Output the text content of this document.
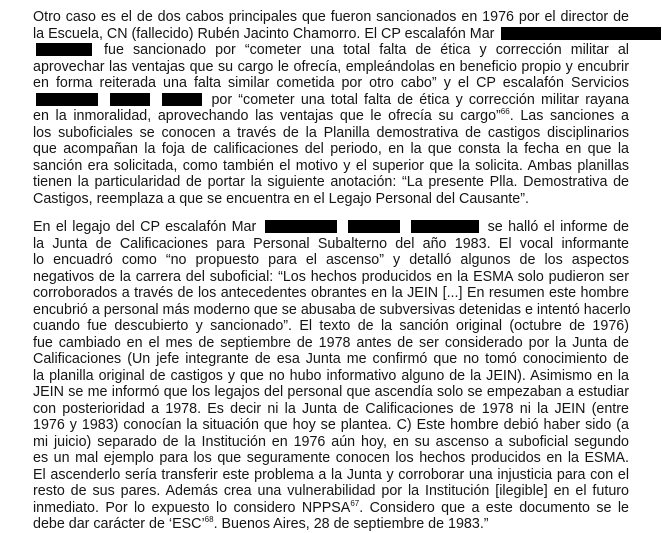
Otro caso es el de dos cabos principales que fueron sancionados en 1976 por el director de
la Escuela, CN (fallecido) Rubén Jacinto Chamorro. El CP escalafón Mar
fue sancionado por “cometer una total falta de ética y corrección militar al
aprovechar las ventajas que su cargo le ofrecía, empleándolas en beneficio propio y encubrir
en forma reiterada una falta similar cometida por otro cabo” y el CP escalafón Servicios
por “cometer una total falta de ética y corrección militar rayana
en la inmoralidad, aprovechando las ventajas que le ofrecía su cargo”$^{66}$. Las sanciones a
los suboficiales se conocen a través de la Planilla demostrativa de castigos disciplinarios
que acompañan la foja de calificaciones del periodo, en la que consta la fecha en que la
sanción era solicitada, como también el motivo y el superior que la solicita. Ambas planillas
tienen la particularidad de portar la siguiente anotación: “La presente Plla. Demostrativa de
Castigos, reemplaza a que se encuentra en el Legajo Personal del Causante”.
En el legajo del CP escalafón Mar	se halló el informe de
la Junta de Calificaciones para Personal Subalterno del año 1983. El vocal informante
lo encuadró como “no propuesto para el ascenso” y detalló algunos de los aspectos
negativos de la carrera del suboficial: “Los hechos producidos en la ESMA solo pudieron ser
corroborados a través de los antecedentes obrantes en la JEIN [...] En resumen este hombre
encubrió a personal más moderno que se abusaba de subversivas detenidas e intentó hacerlo
cuando fue descubierto y sancionado”. El texto de la sanción original (octubre de 1976)
fue cambiado en el mes de septiembre de 1978 antes de ser considerado por la Junta de
Calificaciones (Un jefe integrante de esa Junta me confirmó que no tomó conocimiento de
la planilla original de castigos y que no hubo informativo alguno de la JEIN). Asimismo en la
JEIN se me informó que los legajos del personal que ascendía solo se empezaban a estudiar
con posterioridad a 1978. Es decir ni la Junta de Calificaciones de 1978 ni la JEIN (entre
1976 y 1983) conocían la situación que hoy se plantea. C) Este hombre debió haber sido (a
mi juicio) separado de la Institución en 1976 aún hoy, en su ascenso a suboficial segundo
es un mal ejemplo para los que seguramente conocen los hechos producidos en la ESMA.
El ascenderlo sería transferir este problema a la Junta y corroborar una injusticia para con el
resto de sus pares. Además crea una vulnerabilidad por la Institución [ilegible] en el futuro
inmediato. Por lo expuesto lo considero NPPSA$^{67}$. Considero que a este documento se le
debe dar carácter de ‘ESC’$^{68}$. Buenos Aires, 28 de septiembre de 1983.”
